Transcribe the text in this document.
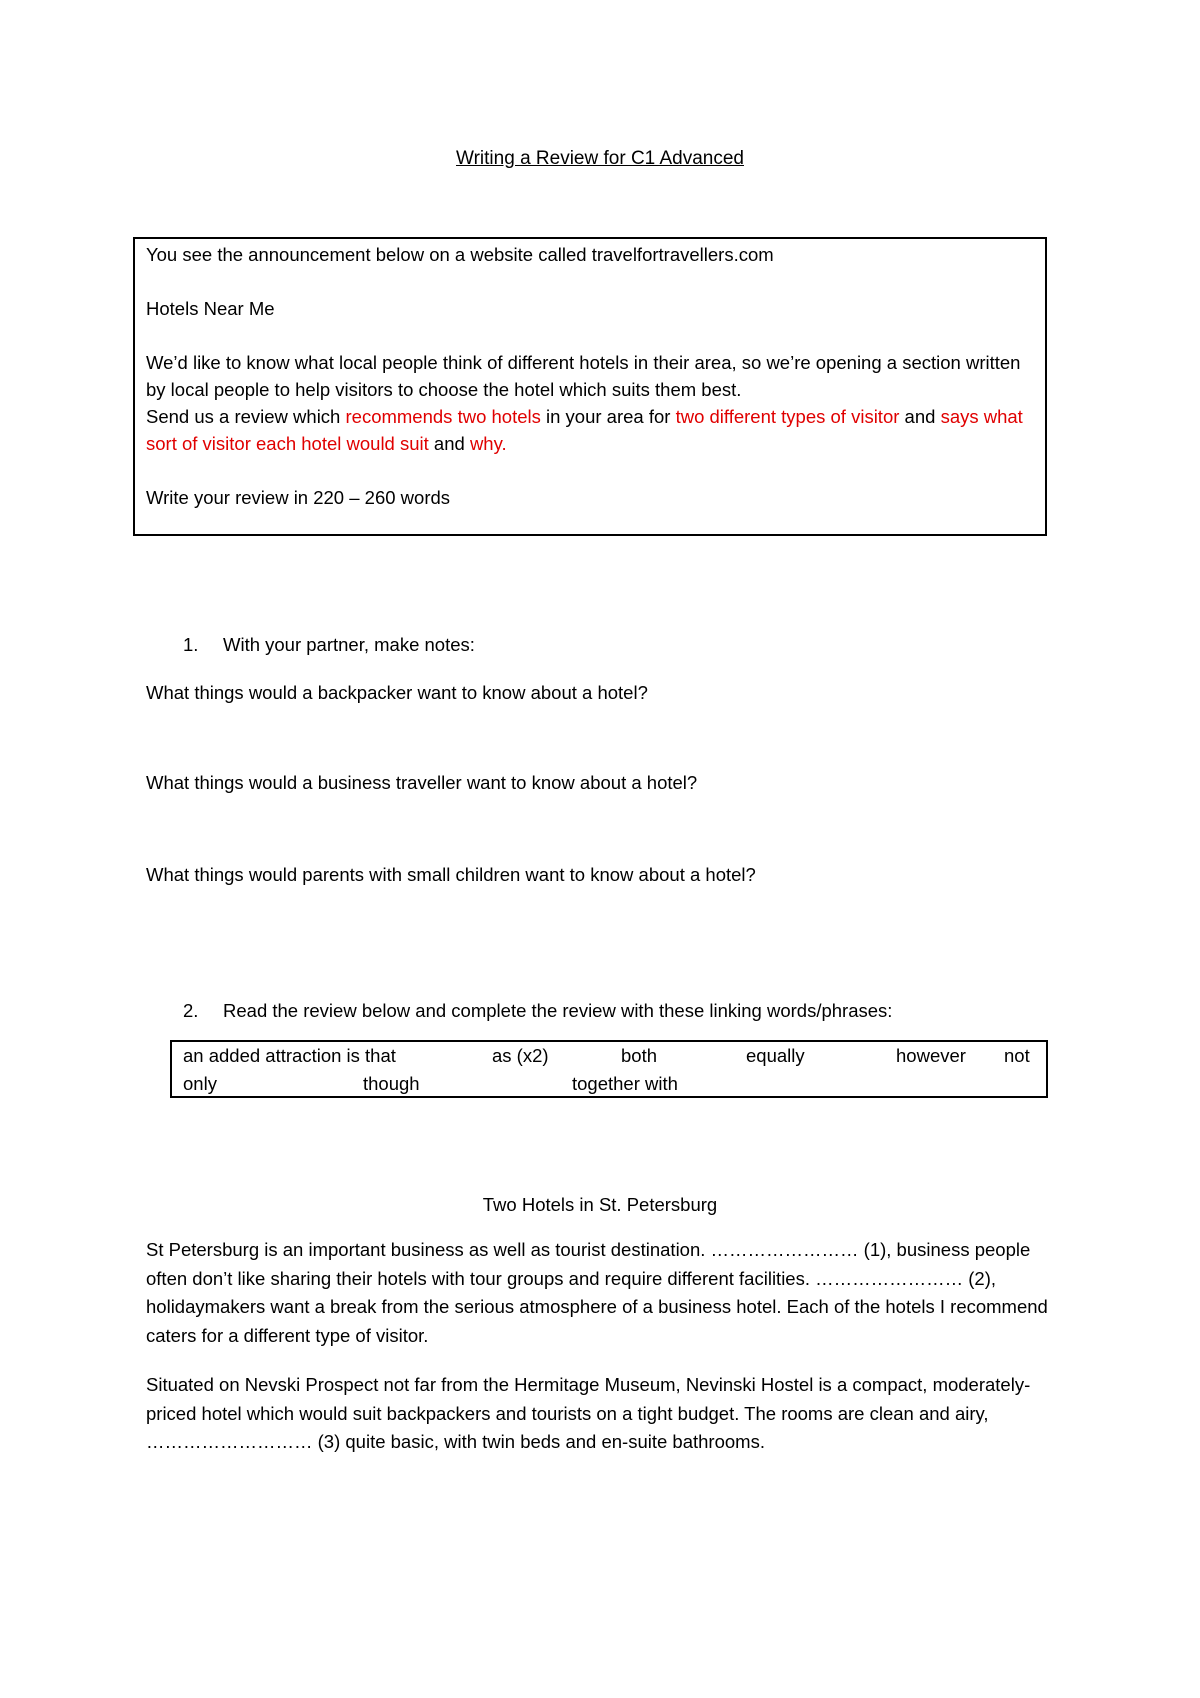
Writing a Review for C1 Advanced

You see the announcement below on a website called travelfortravellers.com

Hotels Near Me

We’d like to know what local people think of different hotels in their area, so we’re opening a section written by local people to help visitors to choose the hotel which suits them best.

Send us a review which recommends two hotels in your area for two different types of visitor and says what sort of visitor each hotel would suit and why.

Write your review in 220 – 260 words

1. With your partner, make notes:
What things would a backpacker want to know about a hotel?
What things would a business traveller want to know about a hotel?
What things would parents with small children want to know about a hotel?
2. Read the review below and complete the review with these linking words/phrases:
an added attraction is that	as (x2)	both	equally	however not
only	though	together with
Two Hotels in St. Petersburg

St Petersburg is an important business as well as tourist destination. …………………… (1), business people often don’t like sharing their hotels with tour groups and require different facilities. …………………… (2), holidaymakers want a break from the serious atmosphere of a business hotel. Each of the hotels I recommend caters for a different type of visitor.

Situated on Nevski Prospect not far from the Hermitage Museum, Nevinski Hostel is a compact, moderately-priced hotel which would suit backpackers and tourists on a tight budget. The rooms are clean and airy, ……………………… (3) quite basic, with twin beds and en-suite bathrooms.
